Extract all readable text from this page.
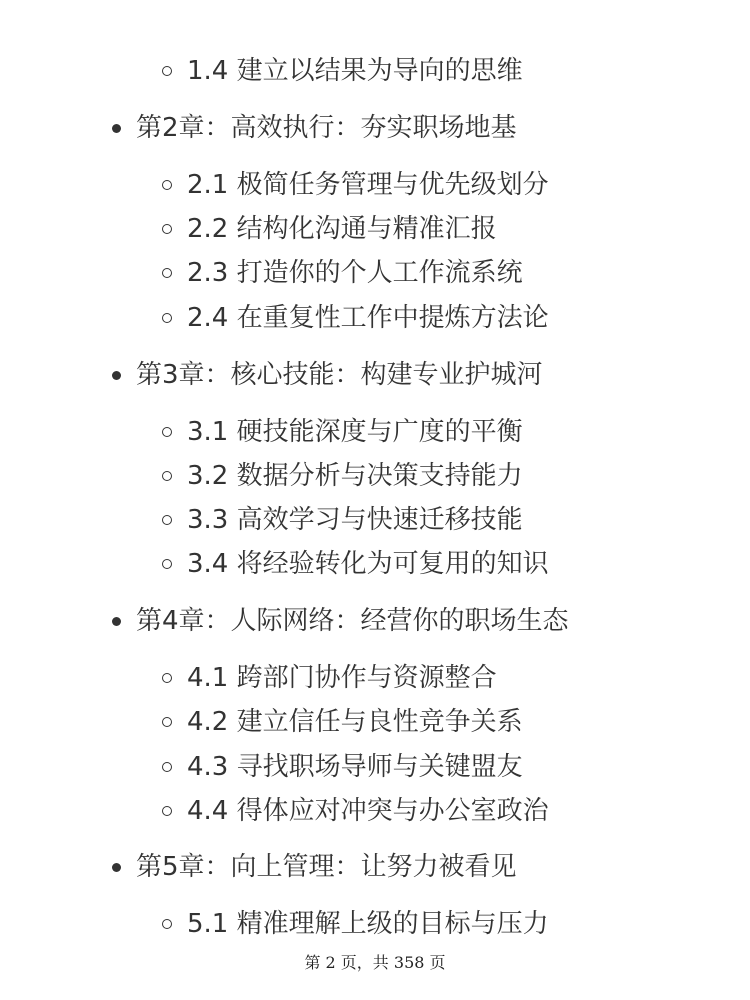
1.4 建立以结果为导向的思维
第2章：高效执行：夯实职场地基
2.1 极简任务管理与优先级划分
2.2 结构化沟通与精准汇报
2.3 打造你的个人工作流系统
2.4 在重复性工作中提炼方法论
第3章：核心技能：构建专业护城河
3.1 硬技能深度与广度的平衡
3.2 数据分析与决策支持能力
3.3 高效学习与快速迁移技能
3.4 将经验转化为可复用的知识
第4章：人际网络：经营你的职场生态
4.1 跨部门协作与资源整合
4.2 建立信任与良性竞争关系
4.3 寻找职场导师与关键盟友
4.4 得体应对冲突与办公室政治
第5章：向上管理：让努力被看见
5.1 精准理解上级的目标与压力
第 2 页，共 358 页
